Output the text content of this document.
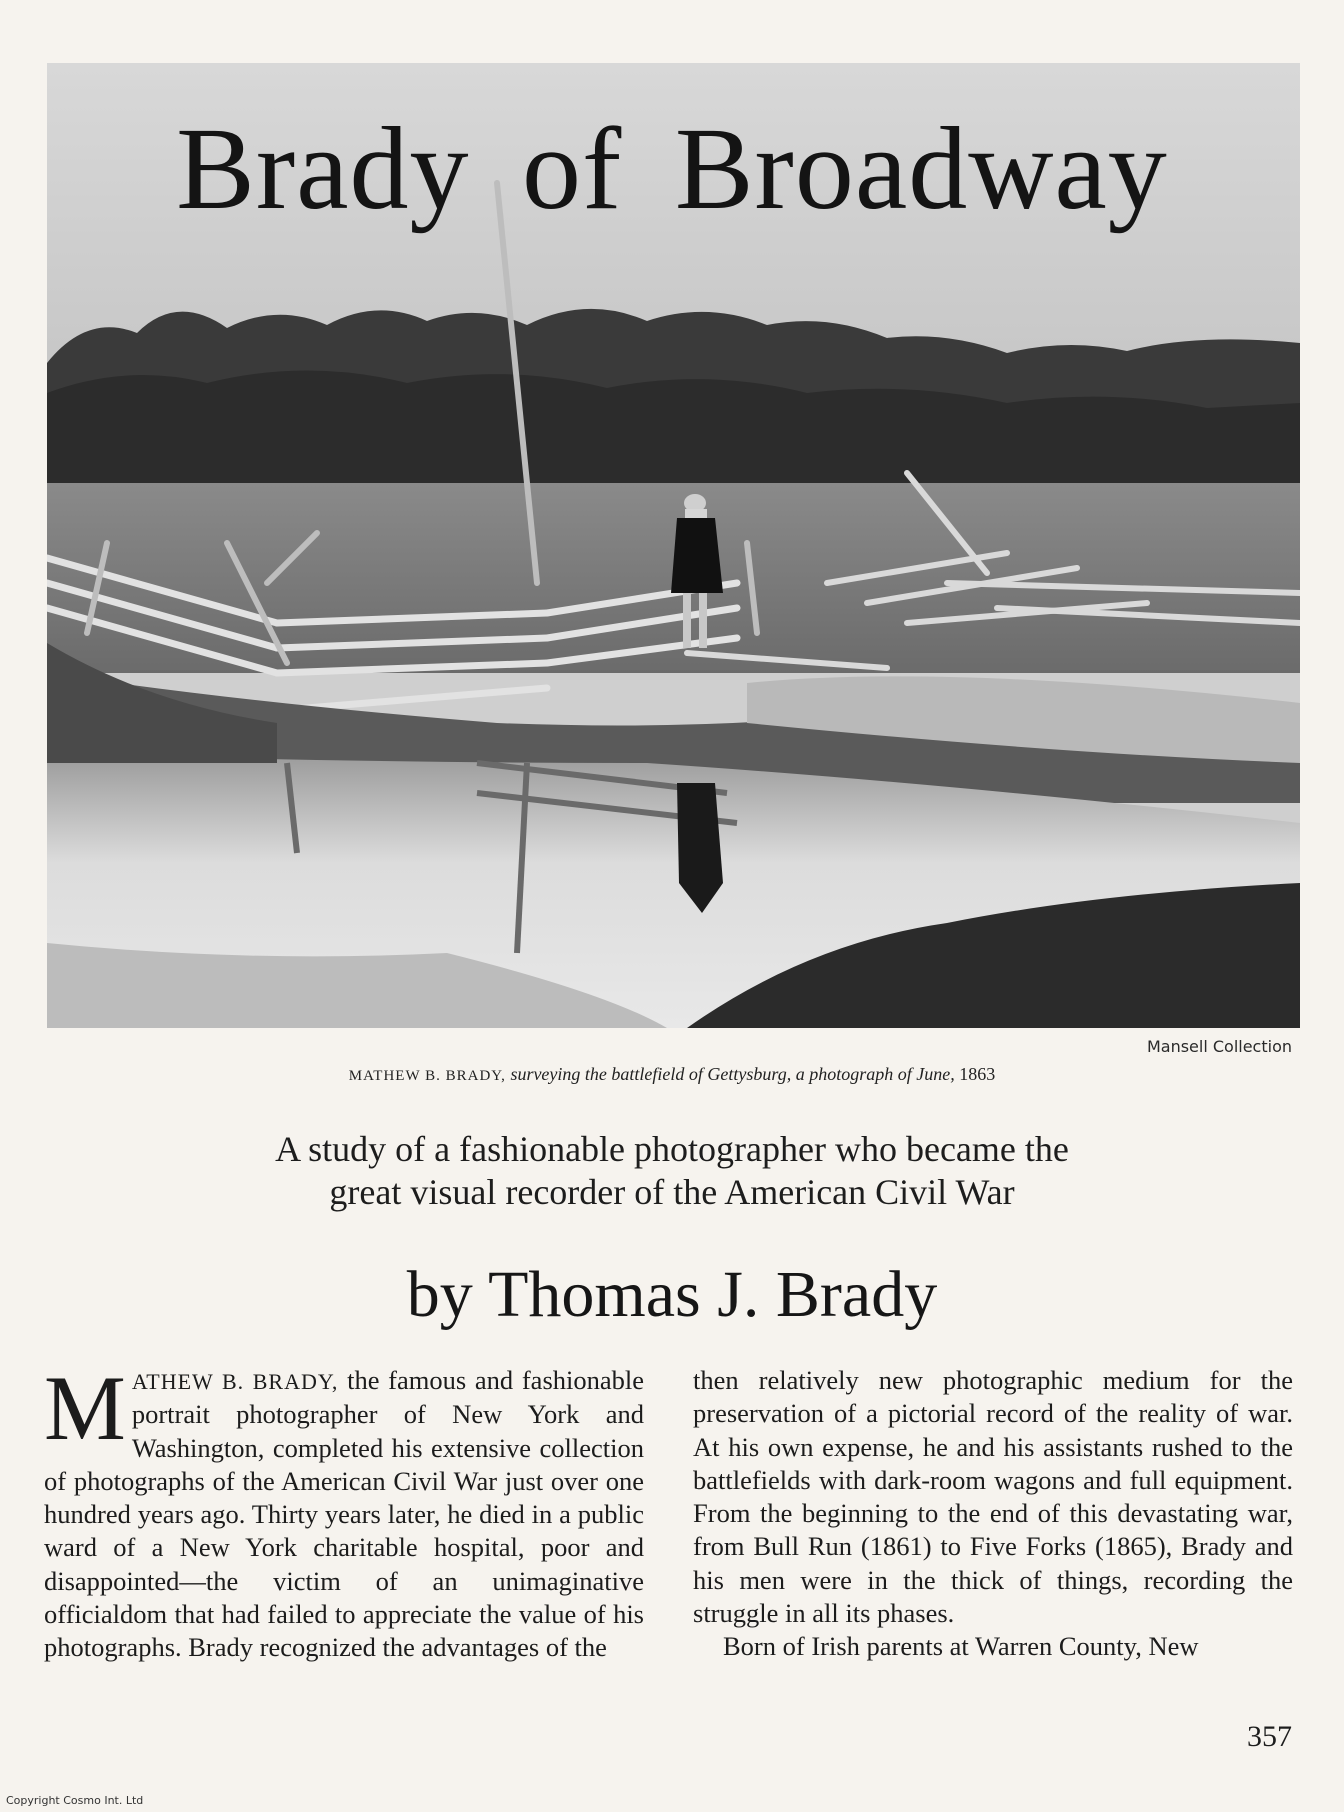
Brady of Broadway
Mansell Collection
MATHEW B. BRADY, surveying the battlefield of Gettysburg, a photograph of June, 1863
A study of a fashionable photographer who became the
great visual recorder of the American Civil War
by Thomas J. Brady
M ATHEW B. BRADY, the famous and fashionable portrait photographer of New York and Washington, completed his extensive collection of photographs of the American Civil War just over one hundred years ago. Thirty years later, he died in a public ward of a New York charitable hospital, poor and disappointed—the victim of an unimaginative officialdom that had failed to appreciate the value of his photographs. Brady recognized the advantages of the
then relatively new photographic medium for the preservation of a pictorial record of the reality of war. At his own expense, he and his assistants rushed to the battlefields with dark-room wagons and full equipment. From the beginning to the end of this devastating war, from Bull Run (1861) to Five Forks (1865), Brady and his men were in the thick of things, recording the struggle in all its phases.
Born of Irish parents at Warren County, New
357
Copyright Cosmo Int. Ltd
